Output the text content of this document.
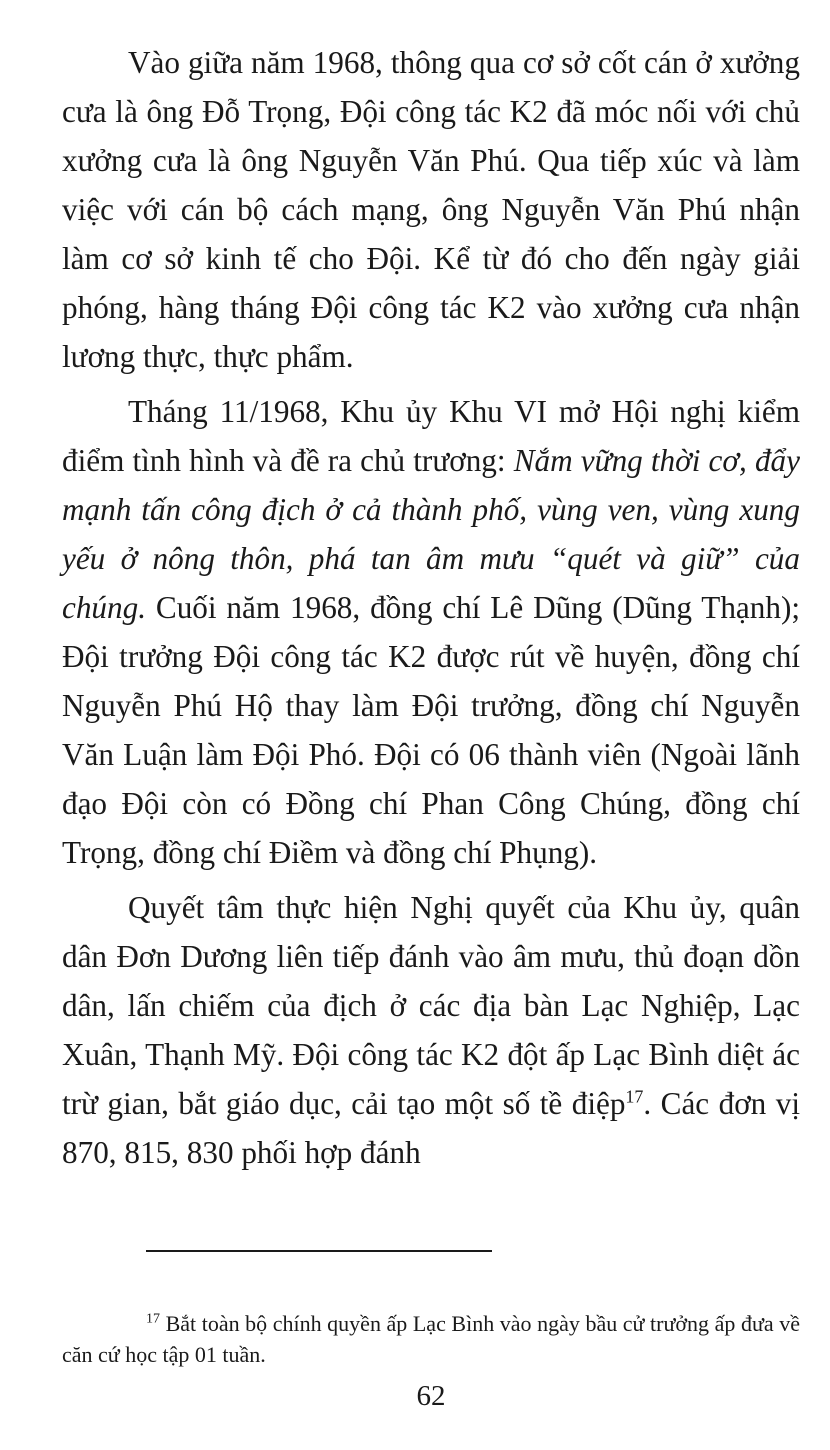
Vào giữa năm 1968, thông qua cơ sở cốt cán ở xưởng cưa là ông Đỗ Trọng, Đội công tác K2 đã móc nối với chủ xưởng cưa là ông Nguyễn Văn Phú. Qua tiếp xúc và làm việc với cán bộ cách mạng, ông Nguyễn Văn Phú nhận làm cơ sở kinh tế cho Đội. Kể từ đó cho đến ngày giải phóng, hàng tháng Đội công tác K2 vào xưởng cưa nhận lương thực, thực phẩm.

Tháng 11/1968, Khu ủy Khu VI mở Hội nghị kiểm điểm tình hình và đề ra chủ trương: Nắm vững thời cơ, đẩy mạnh tấn công địch ở cả thành phố, vùng ven, vùng xung yếu ở nông thôn, phá tan âm mưu “quét và giữ” của chúng. Cuối năm 1968, đồng chí Lê Dũng (Dũng Thạnh); Đội trưởng Đội công tác K2 được rút về huyện, đồng chí Nguyễn Phú Hộ thay làm Đội trưởng, đồng chí Nguyễn Văn Luận làm Đội Phó. Đội có 06 thành viên (Ngoài lãnh đạo Đội còn có Đồng chí Phan Công Chúng, đồng chí Trọng, đồng chí Điềm và đồng chí Phụng).

Quyết tâm thực hiện Nghị quyết của Khu ủy, quân dân Đơn Dương liên tiếp đánh vào âm mưu, thủ đoạn dồn dân, lấn chiếm của địch ở các địa bàn Lạc Nghiệp, Lạc Xuân, Thạnh Mỹ. Đội công tác K2 đột ấp Lạc Bình diệt ác trừ gian, bắt giáo dục, cải tạo một số tề điệp$^{17}$. Các đơn vị 870, 815, 830 phối hợp đánh

$^{17}$ Bắt toàn bộ chính quyền ấp Lạc Bình vào ngày bầu cử trưởng ấp đưa về căn cứ học tập 01 tuần.

62
